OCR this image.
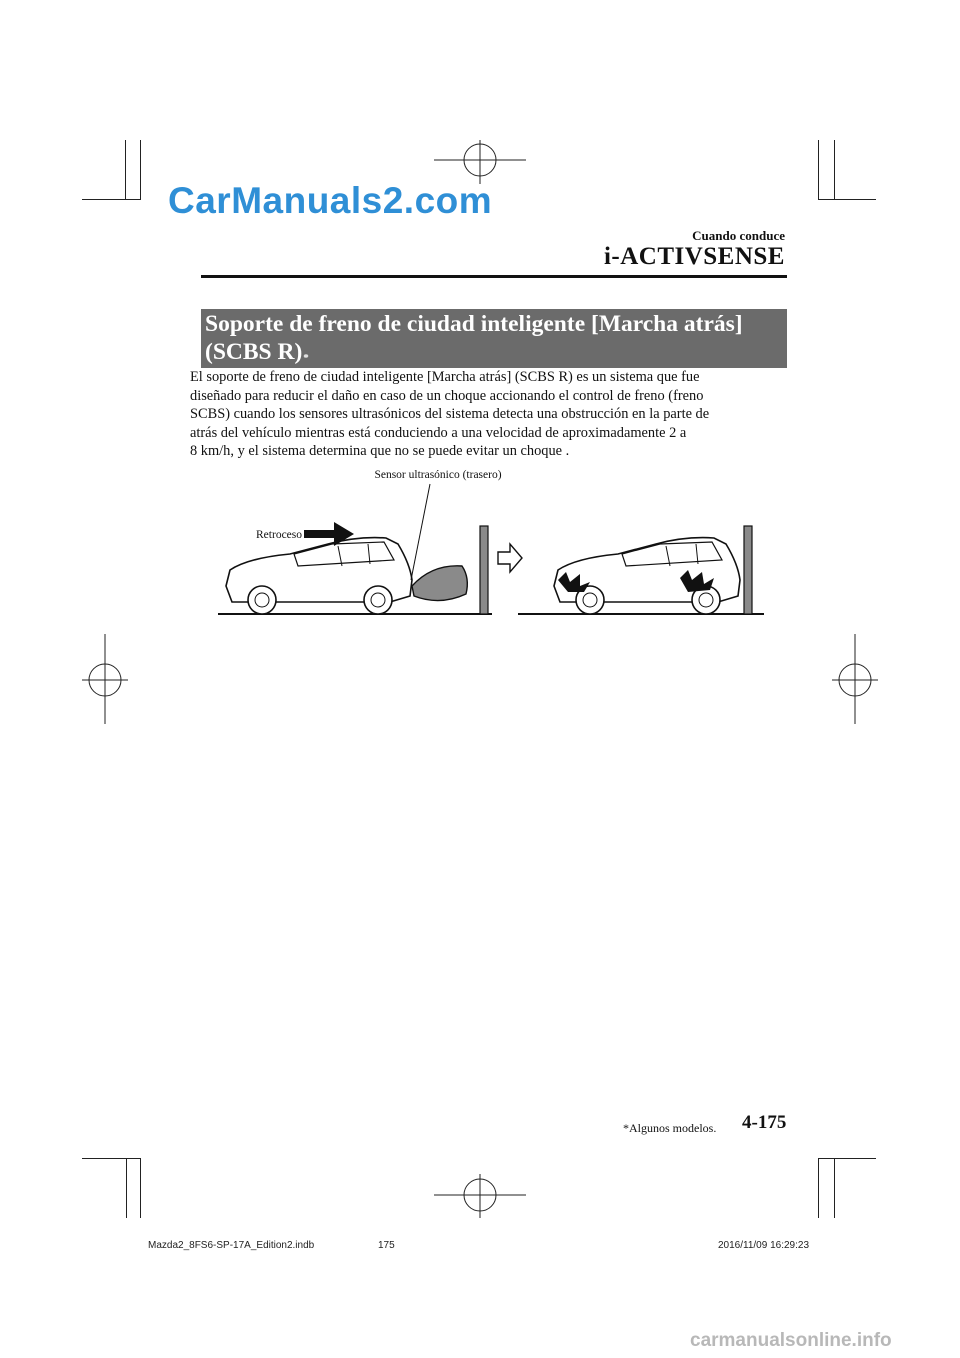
CarManuals2.com
carmanualsonline.info
Cuando conduce
i-ACTIVSENSE
Soporte de freno de ciudad inteligente [Marcha atrás]
(SCBS R)*
El soporte de freno de ciudad inteligente [Marcha atrás] (SCBS R) es un sistema que fue
diseñado para reducir el daño en caso de un choque accionando el control de freno (freno
SCBS) cuando los sensores ultrasónicos del sistema detecta una obstrucción en la parte de
atrás del vehículo mientras está conduciendo a una velocidad de aproximadamente 2 a
8 km/h, y el sistema determina que no se puede evitar un choque .
Sensor ultrasónico (trasero)
Retroceso
*Algunos modelos. 4-175
Mazda2_8FS6-SP-17A_Edition2.indb	175	2016/11/09 16:29:23
